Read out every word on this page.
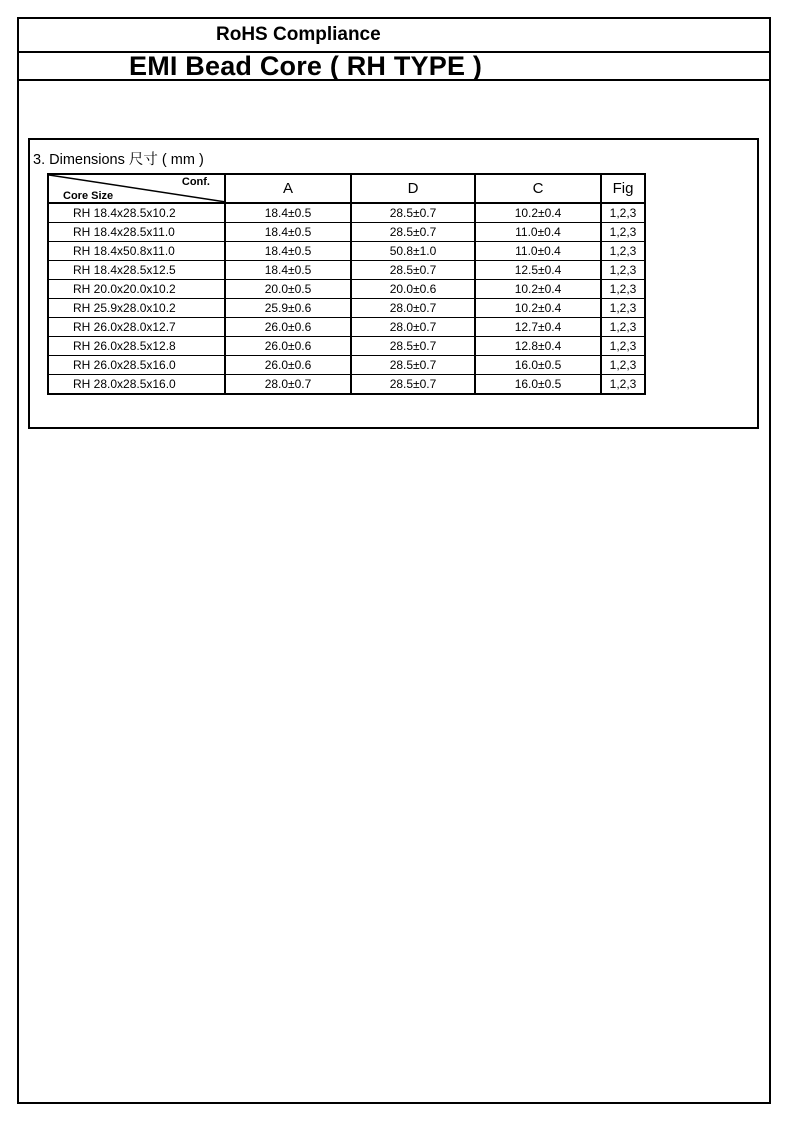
RoHS Compliance
EMI Bead Core ( RH TYPE )
3. Dimensions 尺寸 ( mm )
Conf.
Core Size	A	D	C	Fig
RH 18.4x28.5x10.2	18.4±0.5	28.5±0.7	10.2±0.4	1,2,3
RH 18.4x28.5x11.0	18.4±0.5	28.5±0.7	11.0±0.4	1,2,3
RH 18.4x50.8x11.0	18.4±0.5	50.8±1.0	11.0±0.4	1,2,3
RH 18.4x28.5x12.5	18.4±0.5	28.5±0.7	12.5±0.4	1,2,3
RH 20.0x20.0x10.2	20.0±0.5	20.0±0.6	10.2±0.4	1,2,3
RH 25.9x28.0x10.2	25.9±0.6	28.0±0.7	10.2±0.4	1,2,3
RH 26.0x28.0x12.7	26.0±0.6	28.0±0.7	12.7±0.4	1,2,3
RH 26.0x28.5x12.8	26.0±0.6	28.5±0.7	12.8±0.4	1,2,3
RH 26.0x28.5x16.0	26.0±0.6	28.5±0.7	16.0±0.5	1,2,3
RH 28.0x28.5x16.0	28.0±0.7	28.5±0.7	16.0±0.5	1,2,3
